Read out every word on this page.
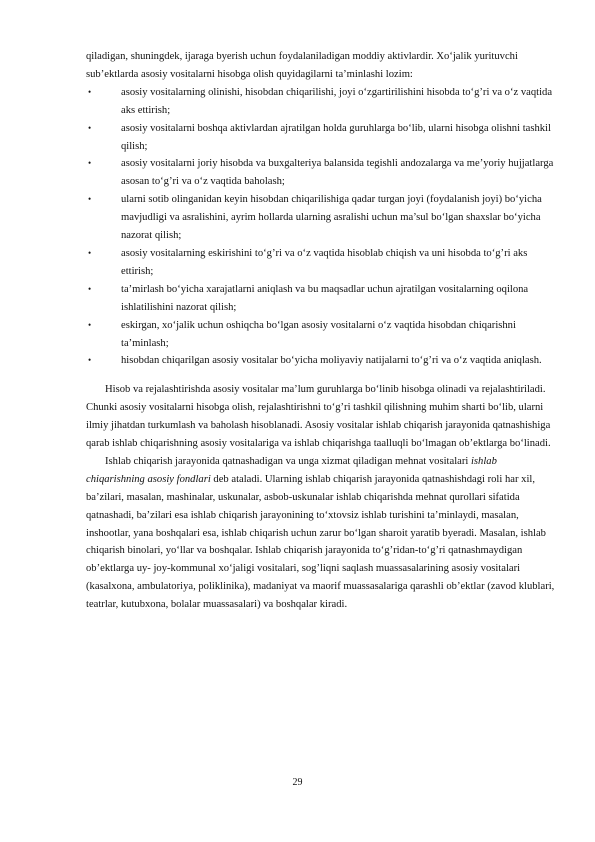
qiladigan, shuningdek, ijaraga byerish uchun foydalaniladigan moddiy aktivlardir. Xo‘jalik yurituvchi sub’ektlarda asosiy vositalarni hisobga olish quyidagilarni ta’minlashi lozim:

•	asosiy vositalarning olinishi, hisobdan chiqarilishi, joyi o‘zgartirilishini hisobda to‘g’ri va o‘z vaqtida aks ettirish;
•	asosiy vositalarni boshqa aktivlardan ajratilgan holda guruhlarga bo‘lib, ularni hisobga olishni tashkil qilish;
•	asosiy vositalarni joriy hisobda va buxgalteriya balansida tegishli andozalarga va me’yoriy hujjatlarga asosan to‘g’ri va o‘z vaqtida baholash;
•	ularni sotib olinganidan keyin hisobdan chiqarilishiga qadar turgan joyi (foydalanish joyi) bo‘yicha mavjudligi va asralishini, ayrim hollarda ularning asralishi uchun ma’sul bo‘lgan shaxslar bo‘yicha nazorat qilish;
•	asosiy vositalarning eskirishini to‘g’ri va o‘z vaqtida hisoblab chiqish va uni hisobda to‘g’ri aks ettirish;
•	ta’mirlash bo‘yicha xarajatlarni aniqlash va bu maqsadlar uchun ajratilgan vositalarning oqilona ishlatilishini nazorat qilish;
•	eskirgan, xo‘jalik uchun oshiqcha bo‘lgan asosiy vositalarni o‘z vaqtida hisobdan chiqarishni ta’minlash;
•	hisobdan chiqarilgan asosiy vositalar bo‘yicha moliyaviy natijalarni to‘g’ri va o‘z vaqtida aniqlash.

Hisob va rejalashtirishda asosiy vositalar ma’lum guruhlarga bo‘linib hisobga olinadi va rejalashtiriladi. Chunki asosiy vositalarni hisobga olish, rejalashtirishni to‘g’ri tashkil qilishning muhim sharti bo‘lib, ularni ilmiy jihatdan turkumlash va baholash hisoblanadi. Asosiy vositalar ishlab chiqarish jarayonida qatnashishiga qarab ishlab chiqarishning asosiy vositalariga va ishlab chiqarishga taalluqli bo‘lmagan ob’ektlarga bo‘linadi.

Ishlab chiqarish jarayonida qatnashadigan va unga xizmat qiladigan mehnat vositalari ishlab chiqarishning asosiy fondlari deb ataladi. Ularning ishlab chiqarish jarayonida qatnashishdagi roli har xil, ba’zilari, masalan, mashinalar, uskunalar, asbob-uskunalar ishlab chiqarishda mehnat qurollari sifatida qatnashadi, ba’zilari esa ishlab chiqarish jarayonining to‘xtovsiz ishlab turishini ta’minlaydi, masalan, inshootlar, yana boshqalari esa, ishlab chiqarish uchun zarur bo‘lgan sharoit yaratib byeradi. Masalan, ishlab chiqarish binolari, yo‘llar va boshqalar. Ishlab chiqarish jarayonida to‘g’ridan-to‘g’ri qatnashmaydigan ob’ektlarga uy- joy-kommunal xo‘jaligi vositalari, sog’liqni saqlash muassasalarining asosiy vositalari (kasalxona, ambulatoriya, poliklinika), madaniyat va maorif muassasalariga qarashli ob’ektlar (zavod klublari, teatrlar, kutubxona, bolalar muassasalari) va boshqalar kiradi.

29
